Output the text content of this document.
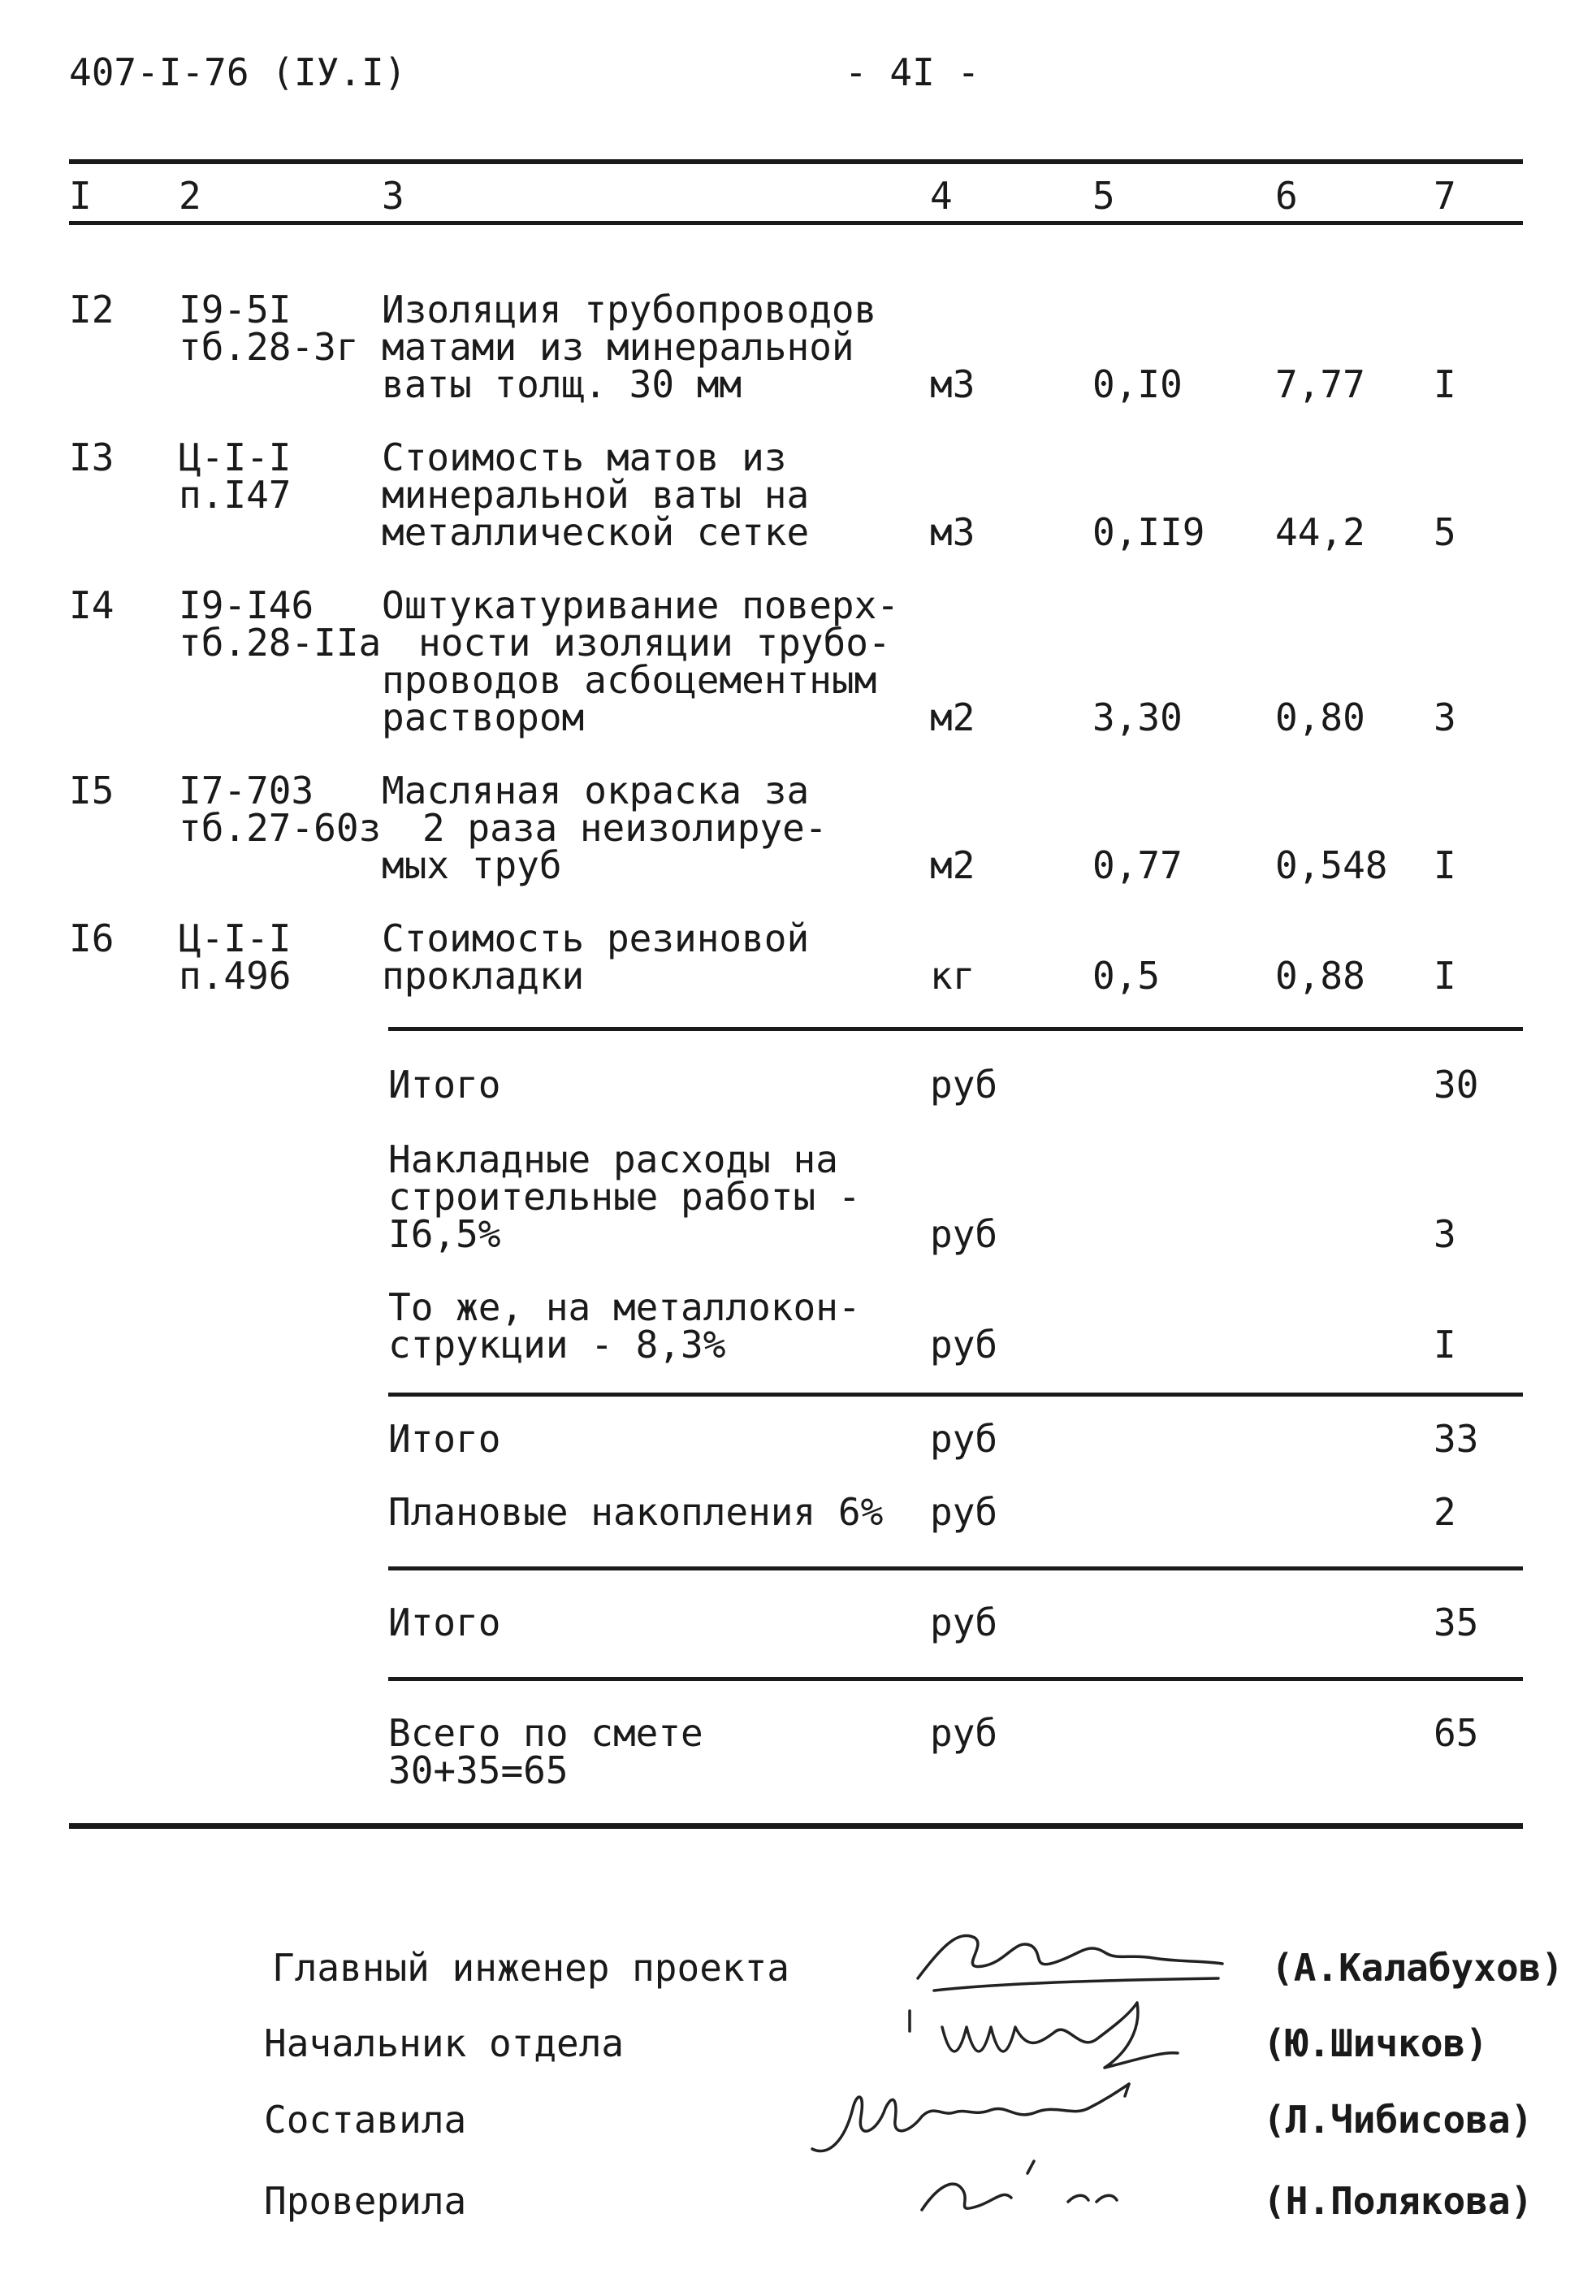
407-I-76 (IУ.I)	- 4I -
I 2	3	4	5	6	7
I2 I9-5I
тб.28-3г
Изоляция трубопроводов
матами из минеральной
ваты толщ. 30 мм	м3	0,I0 7,77 I
I3 Ц-I-I
п.I47
Стоимость матов из
минеральной ваты на
металлической сетке	м3	0,II9 44,2 5
I4 I9-I46
тб.28-IIа
Оштукатуривание поверх-
ности изоляции трубо-
проводов асбоцементным
раствором	м2	3,30 0,80 3
I5 I7-703
тб.27-60з
Масляная окраска за
2 раза неизолируе-
мых труб	м2	0,77 0,548 I
I6 Ц-I-I
п.496
Стоимость резиновой
прокладки	кг	0,5	0,88 I
Итого	руб	30
Накладные расходы на
строительные работы -
I6,5%	руб	3
То же, на металлокон-
струкции - 8,3%	руб	I
Итого	руб	33
Плановые накопления 6% руб	2
Итого	руб	35
Всего по смете
30+35=65
руб	65
Главный инженер проекта	(А.Калабухов)
Начальник отдела	(Ю.Шичков)
Составила	(Л.Чибисова)
Проверила	(Н.Полякова)
